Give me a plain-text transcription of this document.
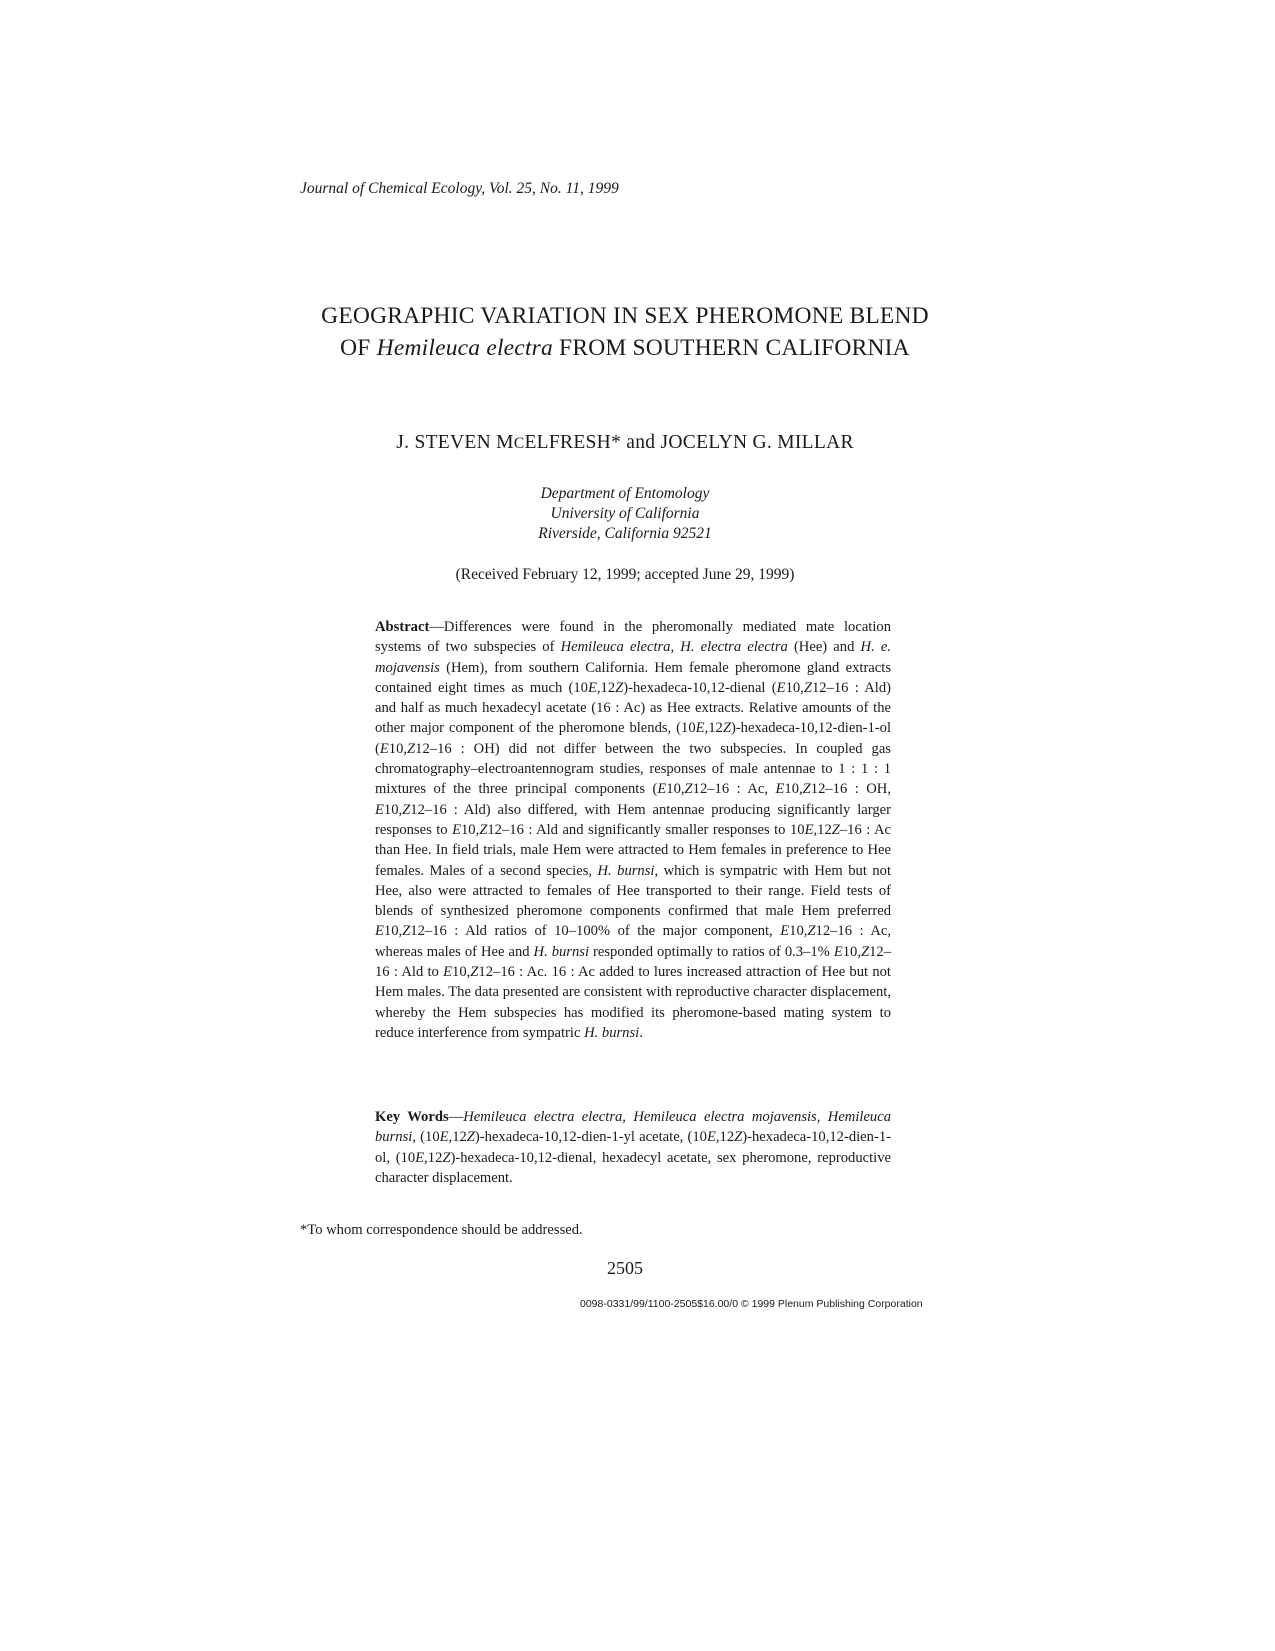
Journal of Chemical Ecology, Vol. 25, No. 11, 1999
GEOGRAPHIC VARIATION IN SEX PHEROMONE BLEND
OF Hemileuca electra FROM SOUTHERN CALIFORNIA
J. STEVEN MCELFRESH* and JOCELYN G. MILLAR
Department of Entomology
University of California
Riverside, California 92521
(Received February 12, 1999; accepted June 29, 1999)

Abstract—Differences were found in the pheromonally mediated mate location systems of two subspecies of Hemileuca electra, H. electra electra (Hee) and H. e. mojavensis (Hem), from southern California. Hem female pheromone gland extracts contained eight times as much (10E,12Z)-hexadeca-10,12-dienal (E10,Z12–16 : Ald) and half as much hexadecyl acetate (16 : Ac) as Hee extracts. Relative amounts of the other major component of the pheromone blends, (10E,12Z)-hexadeca-10,12-dien-1-ol (E10,Z12–16 : OH) did not differ between the two subspecies. In coupled gas chromatography–electroantennogram studies, responses of male antennae to 1 : 1 : 1 mixtures of the three principal components (E10,Z12–16 : Ac, E10,Z12–16 : OH, E10,Z12–16 : Ald) also differed, with Hem antennae producing significantly larger responses to E10,Z12–16 : Ald and significantly smaller responses to 10E,12Z–16 : Ac than Hee. In field trials, male Hem were attracted to Hem females in preference to Hee females. Males of a second species, H. burnsi, which is sympatric with Hem but not Hee, also were attracted to females of Hee transported to their range. Field tests of blends of synthesized pheromone components confirmed that male Hem preferred E10,Z12–16 : Ald ratios of 10–100% of the major component, E10,Z12–16 : Ac, whereas males of Hee and H. burnsi responded optimally to ratios of 0.3–1% E10,Z12–16 : Ald to E10,Z12–16 : Ac. 16 : Ac added to lures increased attraction of Hee but not Hem males. The data presented are consistent with reproductive character displacement, whereby the Hem subspecies has modified its pheromone-based mating system to reduce interference from sympatric H. burnsi.

Key Words—Hemileuca electra electra, Hemileuca electra mojavensis, Hemileuca burnsi, (10E,12Z)-hexadeca-10,12-dien-1-yl acetate, (10E,12Z)-hexadeca-10,12-dien-1-ol, (10E,12Z)-hexadeca-10,12-dienal, hexadecyl acetate, sex pheromone, reproductive character displacement.

*To whom correspondence should be addressed.
2505
0098-0331/99/1100-2505$16.00/0 © 1999 Plenum Publishing Corporation
